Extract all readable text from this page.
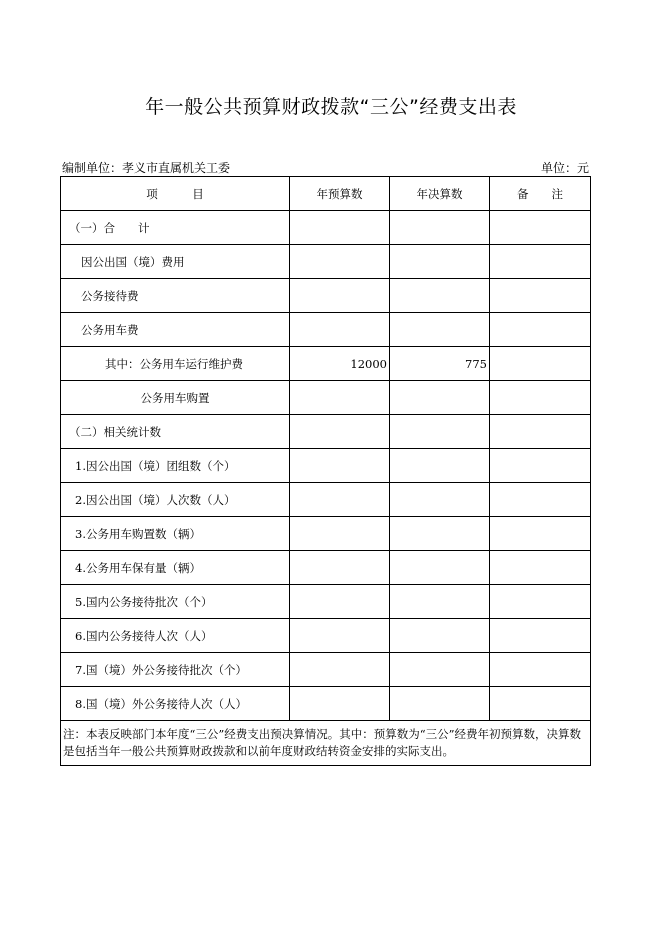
年一般公共预算财政拨款“三公”经费支出表
编制单位：孝义市直属机关工委	单位：元
项　　　目	年预算数	年决算数	备　　注
（一）合　　计			
因公出国（境）费用			
公务接待费			
公务用车费			
其中：公务用车运行维护费	12000	775	
公务用车购置			
（二）相关统计数			
1.因公出国（境）团组数（个）			
2.因公出国（境）人次数（人）			
3.公务用车购置数（辆）			
4.公务用车保有量（辆）			
5.国内公务接待批次（个）			
6.国内公务接待人次（人）			
7.国（境）外公务接待批次（个）			
8.国（境）外公务接待人次（人）			
注：本表反映部门本年度“三公”经费支出预决算情况。其中：预算数为“三公”经费年初预算数，决算数是包括当年一般公共预算财政拨款和以前年度财政结转资金安排的实际支出。			
